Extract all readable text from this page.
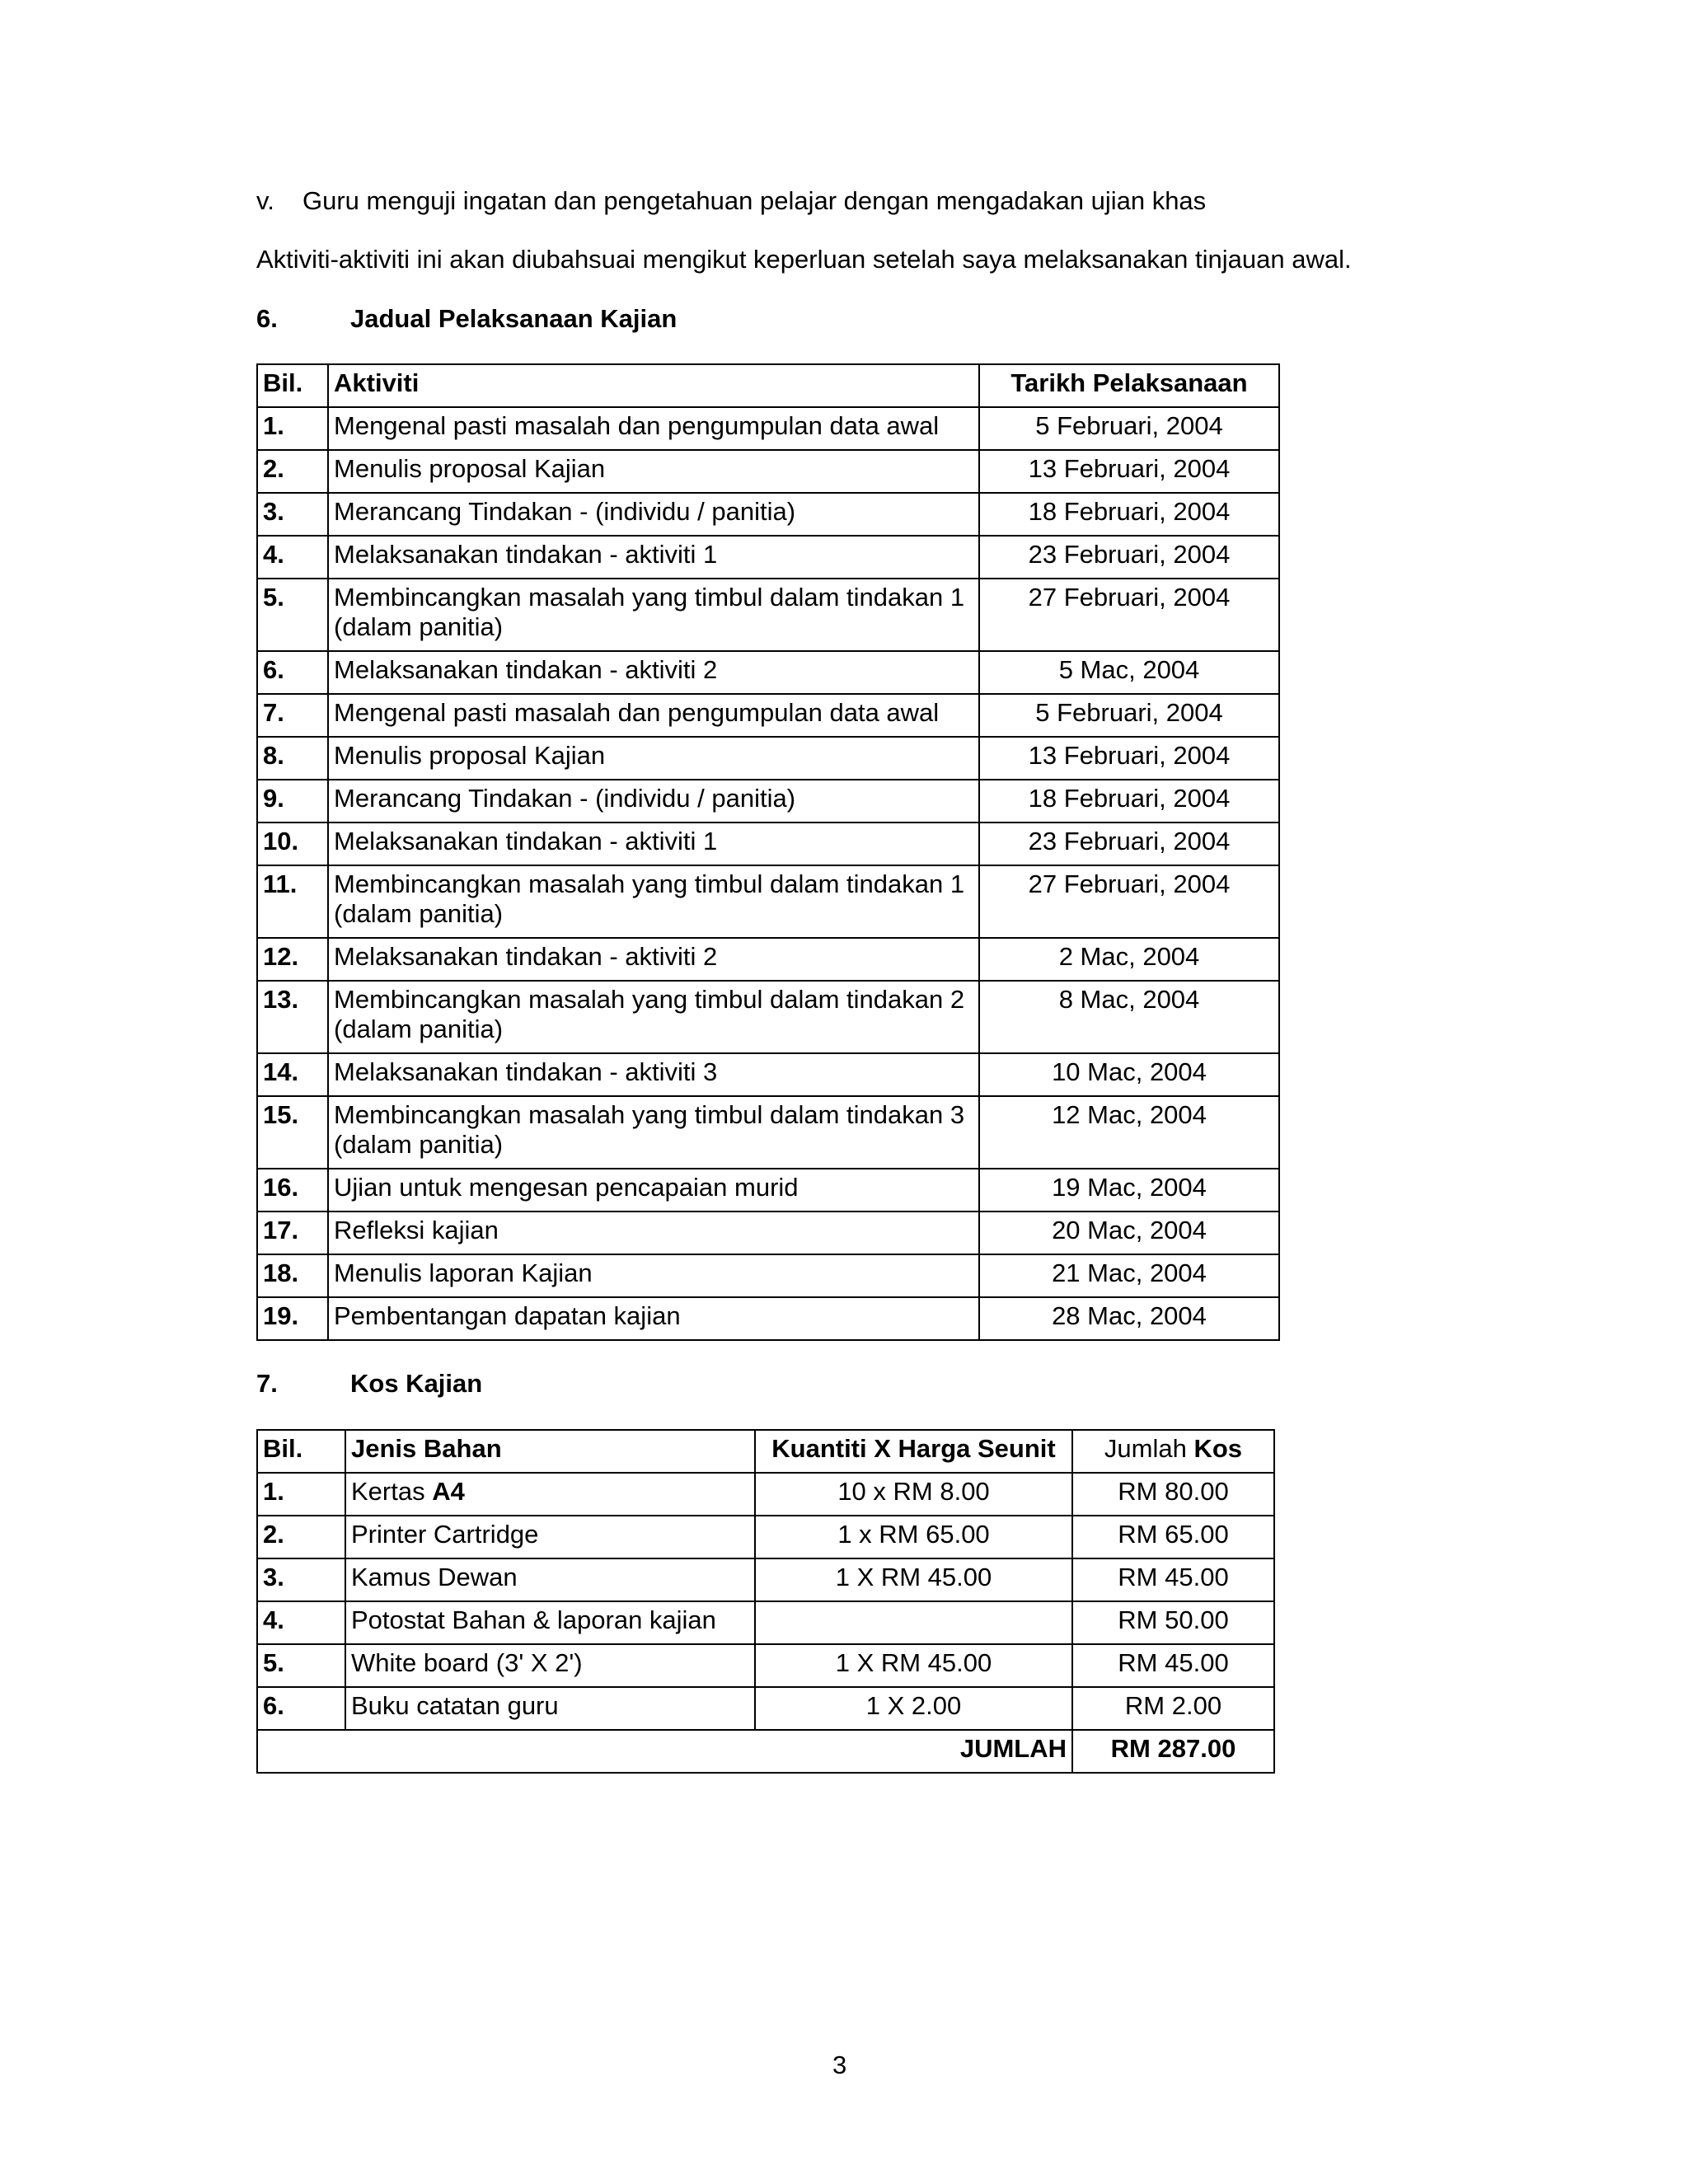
v. Guru menguji ingatan dan pengetahuan pelajar dengan mengadakan ujian khas
Aktiviti-aktiviti ini akan diubahsuai mengikut keperluan setelah saya melaksanakan tinjauan awal.
6.	Jadual Pelaksanaan Kajian
Bil.	Aktiviti	Tarikh Pelaksanaan
1.	Mengenal pasti masalah dan pengumpulan data awal	5 Februari, 2004
2.	Menulis proposal Kajian	13 Februari, 2004
3.	Merancang Tindakan - (individu / panitia)	18 Februari, 2004
4.	Melaksanakan tindakan - aktiviti 1	23 Februari, 2004
5.	Membincangkan masalah yang timbul dalam tindakan 1
(dalam panitia)	27 Februari, 2004
6.	Melaksanakan tindakan - aktiviti 2	5 Mac, 2004
7.	Mengenal pasti masalah dan pengumpulan data awal	5 Februari, 2004
8.	Menulis proposal Kajian	13 Februari, 2004
9.	Merancang Tindakan - (individu / panitia)	18 Februari, 2004
10.	Melaksanakan tindakan - aktiviti 1	23 Februari, 2004
11.	Membincangkan masalah yang timbul dalam tindakan 1
(dalam panitia)	27 Februari, 2004
12.	Melaksanakan tindakan - aktiviti 2	2 Mac, 2004
13.	Membincangkan masalah yang timbul dalam tindakan 2
(dalam panitia)	8 Mac, 2004
14.	Melaksanakan tindakan - aktiviti 3	10 Mac, 2004
15.	Membincangkan masalah yang timbul dalam tindakan 3
(dalam panitia)	12 Mac, 2004
16.	Ujian untuk mengesan pencapaian murid	19 Mac, 2004
17.	Refleksi kajian	20 Mac, 2004
18.	Menulis laporan Kajian	21 Mac, 2004
19.	Pembentangan dapatan kajian	28 Mac, 2004
7.	Kos Kajian
Bil.	Jenis Bahan	Kuantiti X Harga Seunit	Jumlah Kos
1.	Kertas A4	10 x RM 8.00	RM 80.00
2.	Printer Cartridge	1 x RM 65.00	RM 65.00
3.	Kamus Dewan	1 X RM 45.00	RM 45.00
4.	Potostat Bahan & laporan kajian		RM 50.00
5.	White board (3' X 2')	1 X RM 45.00	RM 45.00
6.	Buku catatan guru	1 X 2.00	RM 2.00
JUMLAH			RM 287.00
3
